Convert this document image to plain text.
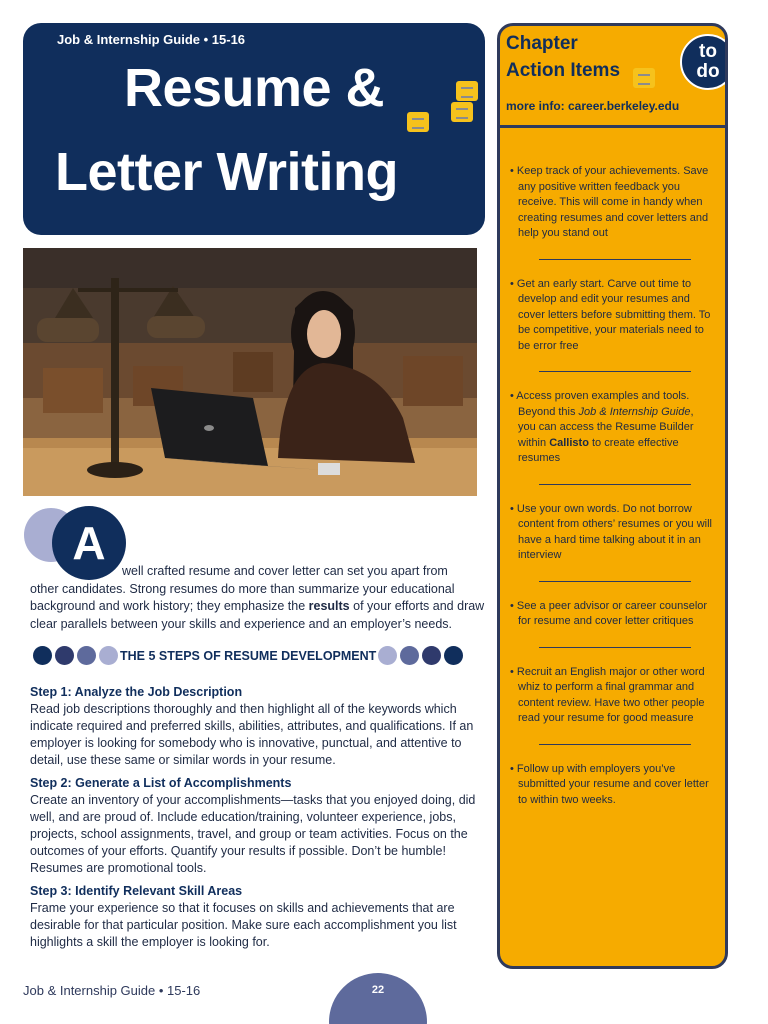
Job & Internship Guide • 15-16
Resume &
Letter Writing
A

well crafted resume and cover letter can set you apart from

other candidates. Strong resumes do more than summarize your educational background and work history; they emphasize the results of your efforts and draw clear parallels between your skills and experience and an employer’s needs.

THE 5 STEPS OF RESUME DEVELOPMENT
Step 1: Analyze the Job Description
Read job descriptions thoroughly and then highlight all of the keywords which indicate required and preferred skills, abilities, attributes, and qualifications. If an employer is looking for somebody who is innovative, punctual, and attentive to detail, use these same or similar words in your resume.
Step 2: Generate a List of Accomplishments
Create an inventory of your accomplishments—tasks that you enjoyed doing, did well, and are proud of. Include education/training, volunteer experience, jobs, projects, school assignments, travel, and group or team activities. Focus on the outcomes of your efforts. Quantify your results if possible. Don’t be humble! Resumes are promotional tools.
Step 3: Identify Relevant Skill Areas
Frame your experience so that it focuses on skills and achievements that are desirable for that particular position. Make sure each accomplishment you list highlights a skill the employer is looking for.
Chapter
Action Items
to
do
more info: career.berkeley.edu
• Keep track of your achievements. Save any positive written feedback you receive. This will come in handy when creating resumes and cover letters and help you stand out
• Get an early start. Carve out time to develop and edit your resumes and cover letters before submitting them. To be competitive, your materials need to be error free
• Access proven examples and tools. Beyond this Job & Internship Guide, you can access the Resume Builder within Callisto to create effective resumes
• Use your own words. Do not borrow content from others’ resumes or you will have a hard time talking about it in an interview
• See a peer advisor or career counselor for resume and cover letter critiques
• Recruit an English major or other word whiz to perform a final grammar and content review. Have two other people read your resume for good measure
• Follow up with employers you’ve submitted your resume and cover letter to within two weeks.
Job & Internship Guide • 15-16	22
